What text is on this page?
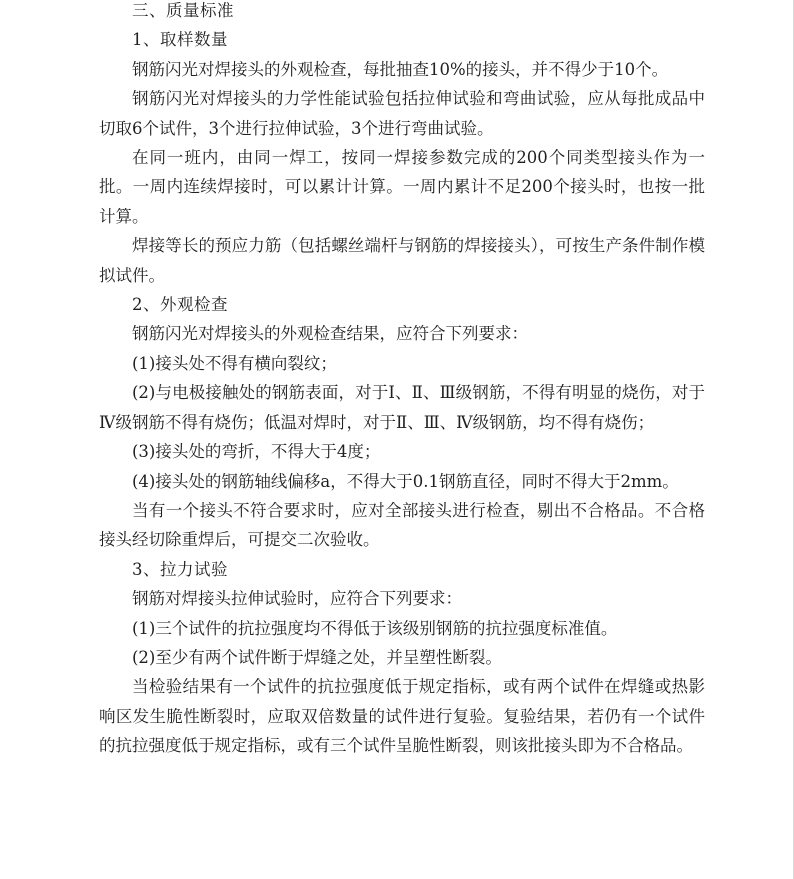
三、质量标准

1、取样数量

钢筋闪光对焊接头的外观检查，每批抽查10%的接头，并不得少于10个。

钢筋闪光对焊接头的力学性能试验包括拉伸试验和弯曲试验，应从每批成品中切取6个试件，3个进行拉伸试验，3个进行弯曲试验。

在同一班内，由同一焊工，按同一焊接参数完成的200个同类型接头作为一批。一周内连续焊接时，可以累计计算。一周内累计不足200个接头时，也按一批计算。

焊接等长的预应力筋（包括螺丝端杆与钢筋的焊接接头），可按生产条件制作模拟试件。

2、外观检查

钢筋闪光对焊接头的外观检查结果，应符合下列要求：

(1)接头处不得有横向裂纹；

(2)与电极接触处的钢筋表面，对于Ⅰ、Ⅱ、Ⅲ级钢筋，不得有明显的烧伤，对于Ⅳ级钢筋不得有烧伤；低温对焊时，对于Ⅱ、Ⅲ、Ⅳ级钢筋，均不得有烧伤；

(3)接头处的弯折，不得大于4度；

(4)接头处的钢筋轴线偏移a，不得大于0.1钢筋直径，同时不得大于2mm。

当有一个接头不符合要求时，应对全部接头进行检查，剔出不合格品。不合格接头经切除重焊后，可提交二次验收。

3、拉力试验

钢筋对焊接头拉伸试验时，应符合下列要求：

(1)三个试件的抗拉强度均不得低于该级别钢筋的抗拉强度标准值。

(2)至少有两个试件断于焊缝之处，并呈塑性断裂。

当检验结果有一个试件的抗拉强度低于规定指标，或有两个试件在焊缝或热影响区发生脆性断裂时，应取双倍数量的试件进行复验。复验结果，若仍有一个试件的抗拉强度低于规定指标，或有三个试件呈脆性断裂，则该批接头即为不合格品。
